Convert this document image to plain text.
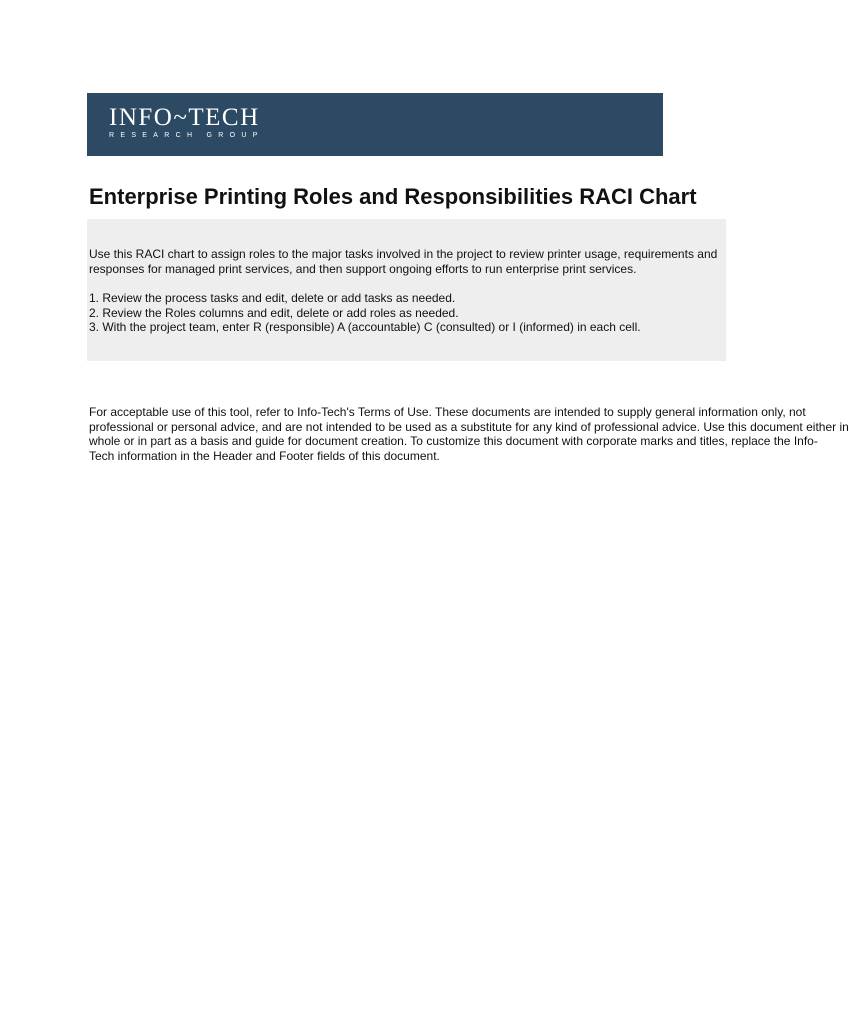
INFO~TECH
RESEARCH GROUP
Enterprise Printing Roles and Responsibilities RACI Chart
Use this RACI chart to assign roles to the major tasks involved in the project to review printer usage, requirements and
responses for managed print services, and then support ongoing efforts to run enterprise print services.
1. Review the process tasks and edit, delete or add tasks as needed.
2. Review the Roles columns and edit, delete or add roles as needed.
3. With the project team, enter R (responsible) A (accountable) C (consulted) or I (informed) in each cell.
For acceptable use of this tool, refer to Info-Tech's Terms of Use. These documents are intended to supply general information only, not
professional or personal advice, and are not intended to be used as a substitute for any kind of professional advice. Use this document either in
whole or in part as a basis and guide for document creation. To customize this document with corporate marks and titles, replace the Info-
Tech information in the Header and Footer fields of this document.
